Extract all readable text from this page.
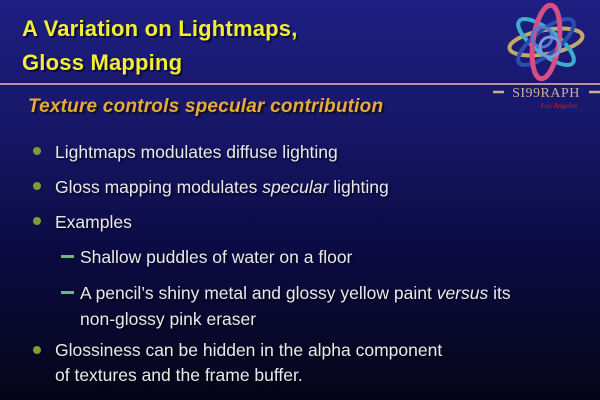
A Variation on Lightmaps,
Gloss Mapping
SI99RAPH
Los Angeles
Texture controls specular contribution
Lightmaps modulates diffuse lighting
Gloss mapping modulates specular lighting
Examples
Shallow puddles of water on a floor
A pencil’s shiny metal and glossy yellow paint versus its
non-glossy pink eraser
Glossiness can be hidden in the alpha component
of textures and the frame buffer.
